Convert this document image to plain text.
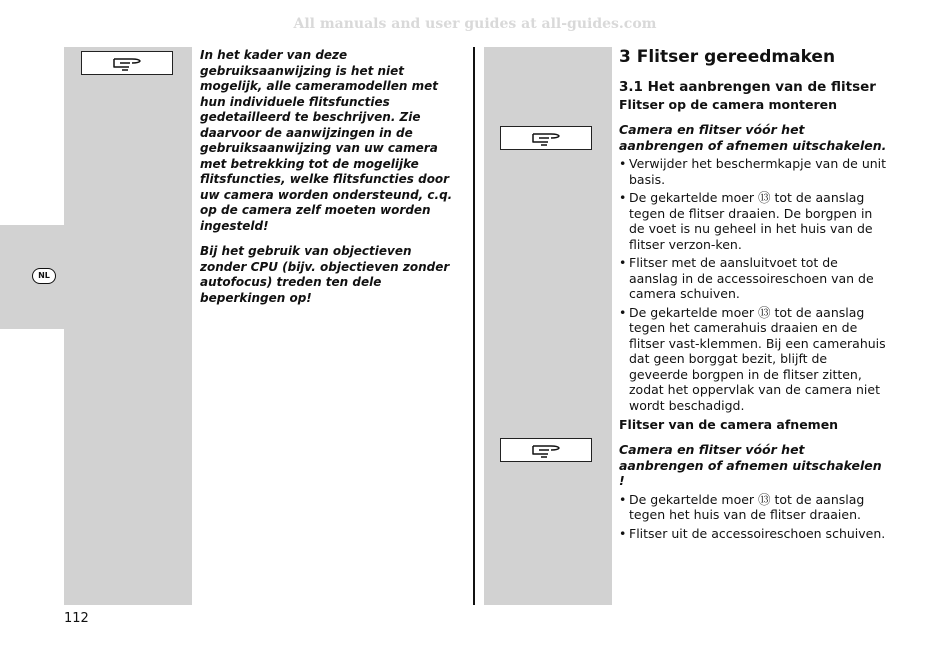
All manuals and user guides at all-guides.com
NL

In het kader van deze gebruiksaanwijzing is het niet mogelijk, alle cameramodellen met hun individuele flitsfuncties gedetailleerd te beschrijven. Zie daarvoor de aanwijzingen in de gebruiksaanwijzing van uw camera met betrekking tot de mogelijke flitsfuncties, welke flitsfuncties door uw camera worden ondersteund, c.q. op de camera zelf moeten worden ingesteld!

Bij het gebruik van objectieven zonder CPU (bijv. objectieven zonder autofocus) treden ten dele beperkingen op!

3 Flitser gereedmaken
3.1 Het aanbrengen van de flitser
Flitser op de camera monteren
Camera en flitser vóór het aanbrengen of afnemen uitschakelen.
• Verwijder het beschermkapje van de unit basis.
• De gekartelde moer ⑬ tot de aanslag tegen de flitser draaien. De borgpen in de voet is nu geheel in het huis van de flitser verzon-ken.
• Flitser met de aansluitvoet tot de aanslag in de accessoireschoen van de camera schuiven.
• De gekartelde moer ⑬ tot de aanslag tegen het camerahuis draaien en de flitser vast-klemmen. Bij een camerahuis dat geen borggat bezit, blijft de geveerde borgpen in de flitser zitten, zodat het oppervlak van de camera niet wordt beschadigd.
Flitser van de camera afnemen
Camera en flitser vóór het aanbrengen of afnemen uitschakelen !
• De gekartelde moer ⑬ tot de aanslag tegen het huis van de flitser draaien.
• Flitser uit de accessoireschoen schuiven.
112
